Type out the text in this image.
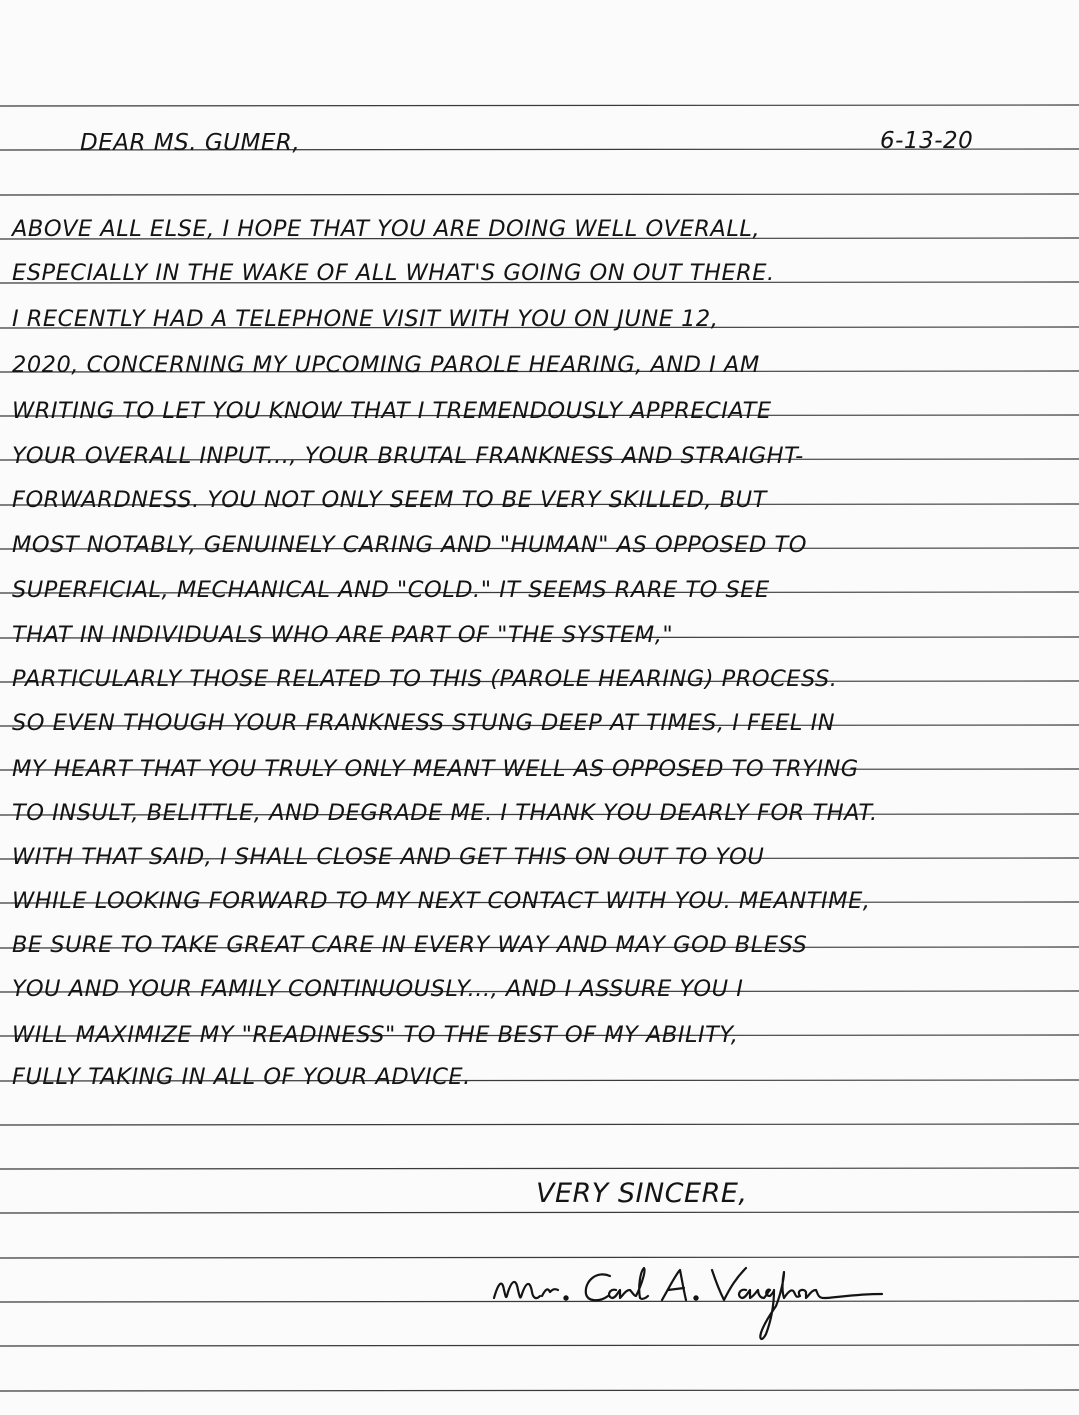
DEAR MS. GUMER,	6-13-20
ABOVE ALL ELSE, I HOPE THAT YOU ARE DOING WELL OVERALL,
ESPECIALLY IN THE WAKE OF ALL WHAT'S GOING ON OUT THERE.
I RECENTLY HAD A TELEPHONE VISIT WITH YOU ON JUNE 12,
2020, CONCERNING MY UPCOMING PAROLE HEARING, AND I AM
WRITING TO LET YOU KNOW THAT I TREMENDOUSLY APPRECIATE
YOUR OVERALL INPUT..., YOUR BRUTAL FRANKNESS AND STRAIGHT-
FORWARDNESS. YOU NOT ONLY SEEM TO BE VERY SKILLED, BUT
MOST NOTABLY, GENUINELY CARING AND "HUMAN" AS OPPOSED TO
SUPERFICIAL, MECHANICAL AND "COLD." IT SEEMS RARE TO SEE
THAT IN INDIVIDUALS WHO ARE PART OF "THE SYSTEM,"
PARTICULARLY THOSE RELATED TO THIS (PAROLE HEARING) PROCESS.
SO EVEN THOUGH YOUR FRANKNESS STUNG DEEP AT TIMES, I FEEL IN
MY HEART THAT YOU TRULY ONLY MEANT WELL AS OPPOSED TO TRYING
TO INSULT, BELITTLE, AND DEGRADE ME. I THANK YOU DEARLY FOR THAT.
WITH THAT SAID, I SHALL CLOSE AND GET THIS ON OUT TO YOU
WHILE LOOKING FORWARD TO MY NEXT CONTACT WITH YOU. MEANTIME,
BE SURE TO TAKE GREAT CARE IN EVERY WAY AND MAY GOD BLESS
YOU AND YOUR FAMILY CONTINUOUSLY..., AND I ASSURE YOU I
WILL MAXIMIZE MY "READINESS" TO THE BEST OF MY ABILITY,
FULLY TAKING IN ALL OF YOUR ADVICE.
VERY SINCERE,
